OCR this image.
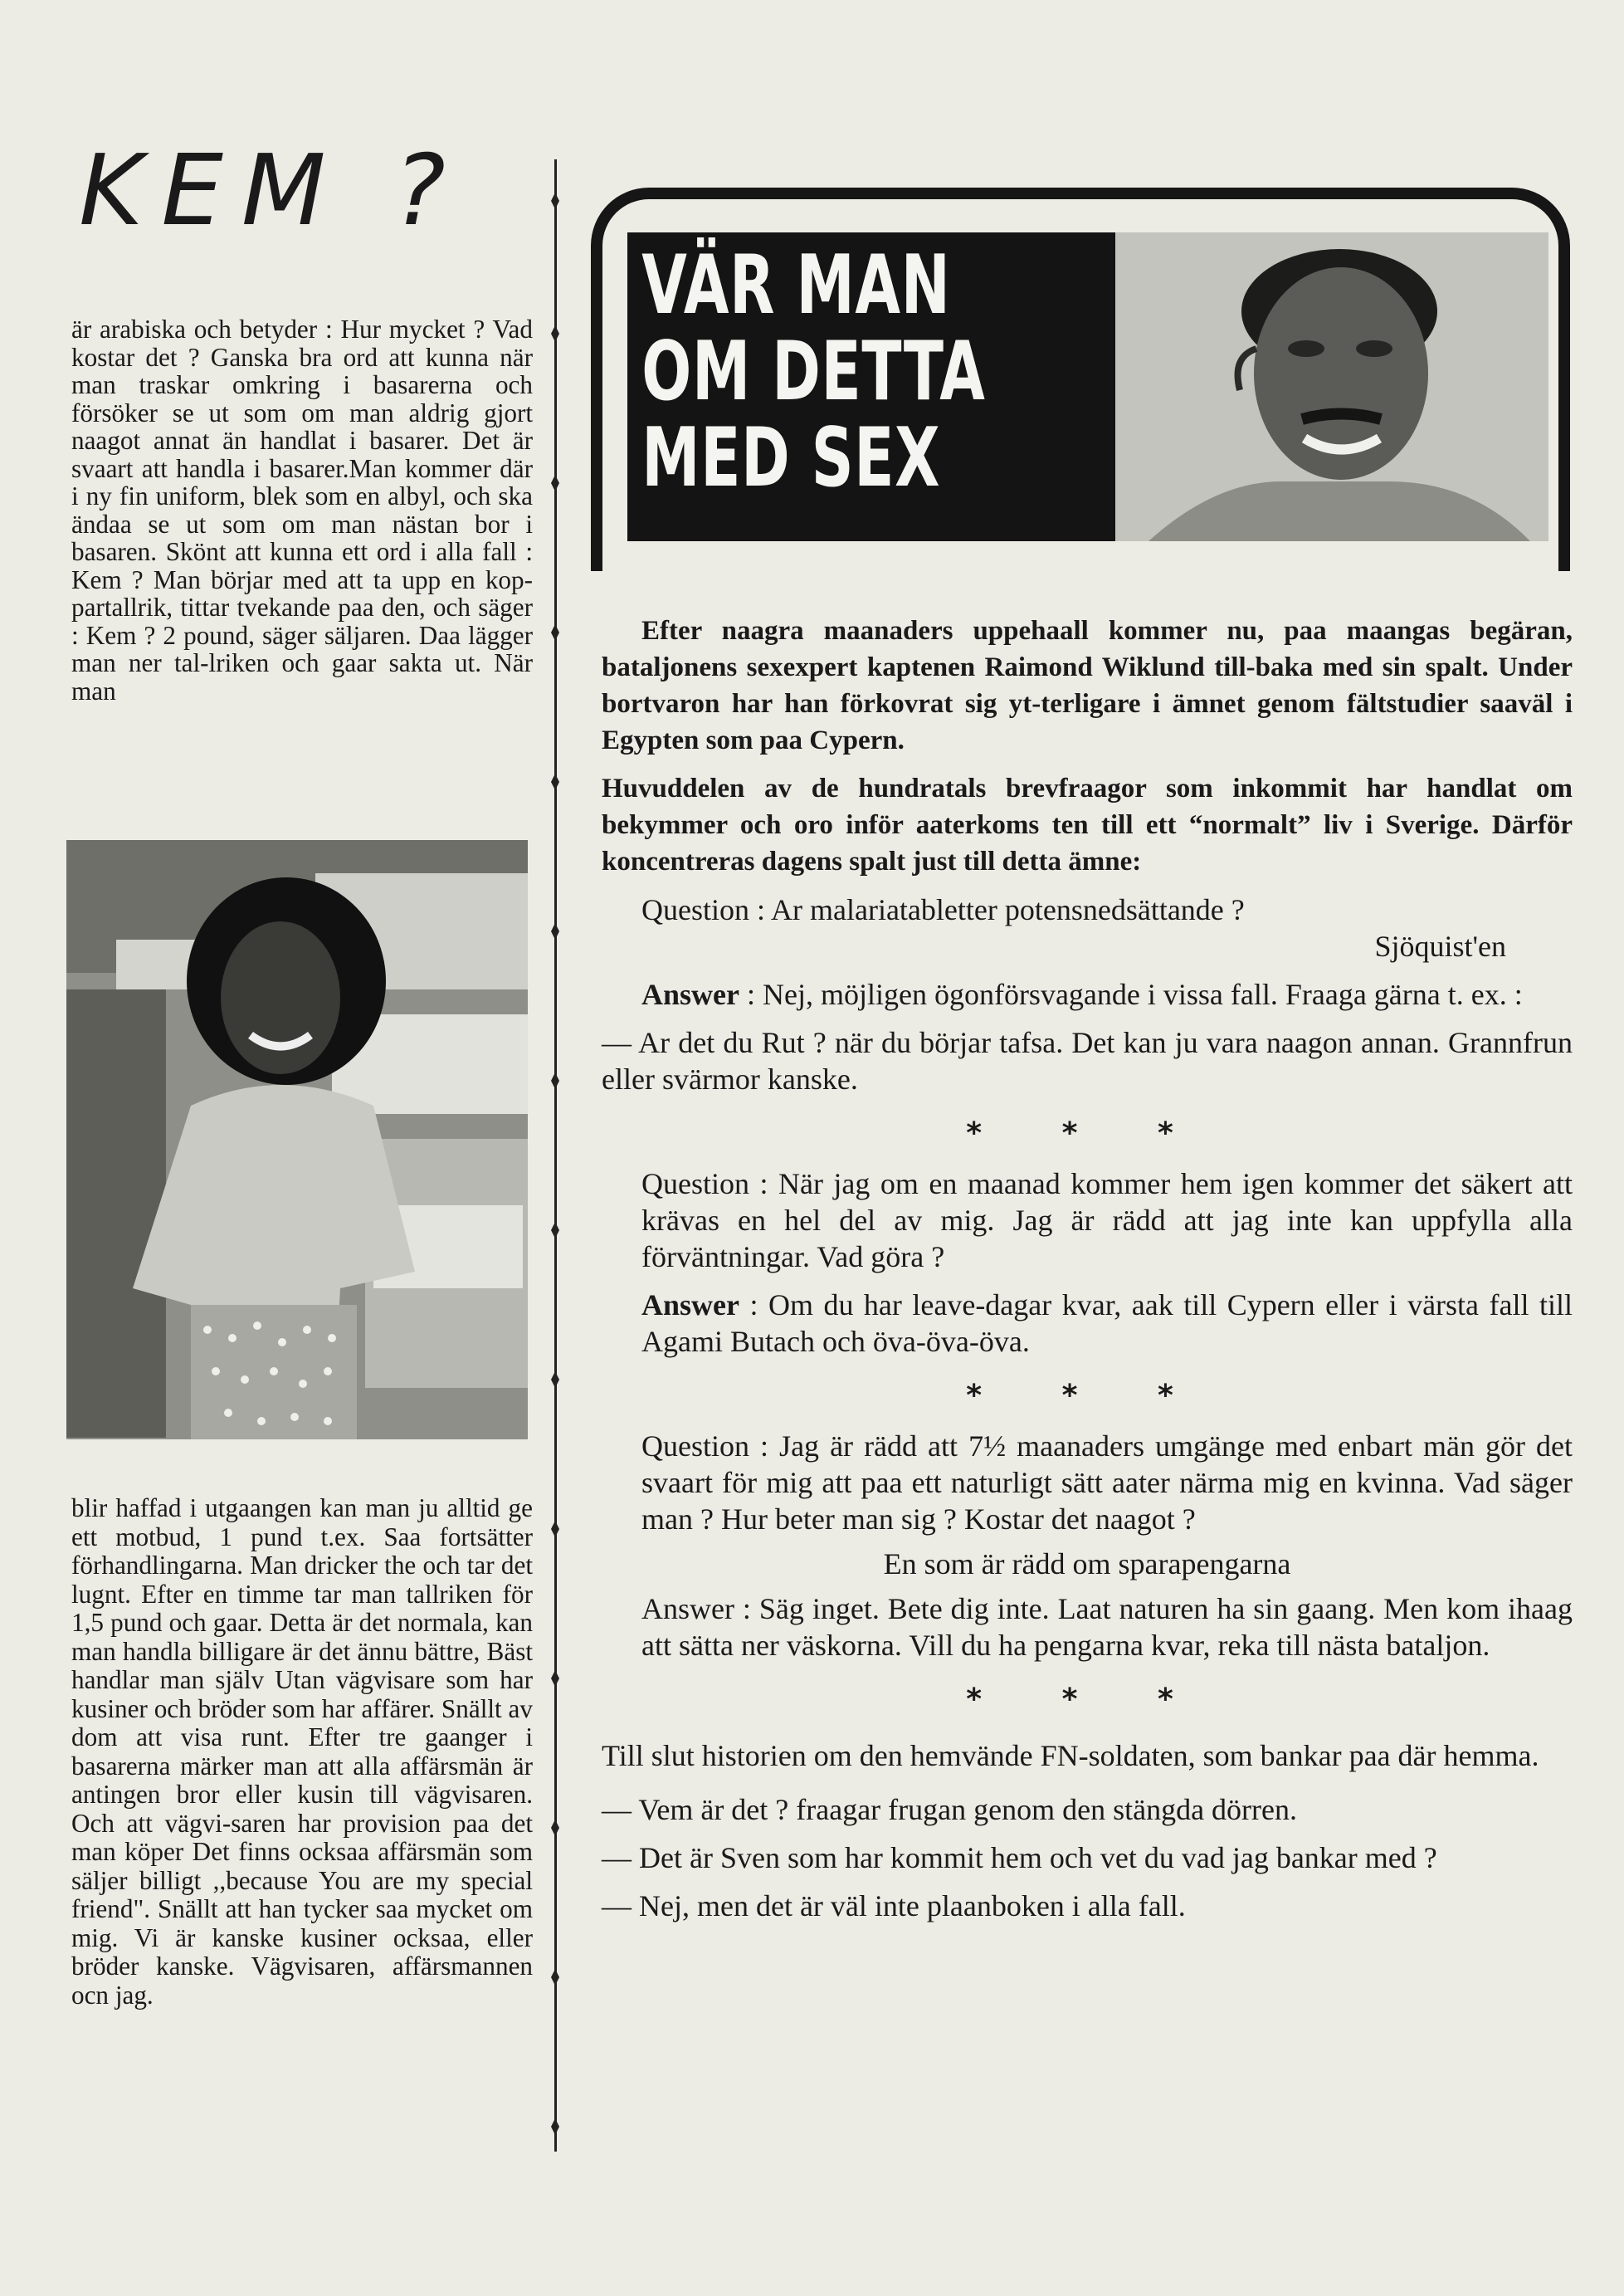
KEM ?

är arabiska och betyder : Hur mycket ? Vad kostar det ? Ganska bra ord att kunna när man traskar omkring i basarerna och försöker se ut som om man aldrig gjort naagot annat än handlat i basarer. Det är svaart att handla i basarer.Man kommer där i ny fin uniform, blek som en albyl, och ska ändaa se ut som om man nästan bor i basaren. Skönt att kunna ett ord i alla fall : Kem ? Man börjar med att ta upp en kop-partallrik, tittar tvekande paa den, och säger : Kem ? 2 pound, säger säljaren. Daa lägger man ner tal-lriken och gaar sakta ut. När man

blir haffad i utgaangen kan man ju alltid ge ett motbud, 1 pund t.ex. Saa fortsätter förhandlingarna. Man dricker the och tar det lugnt. Efter en timme tar man tallriken för 1,5 pund och gaar. Detta är det normala, kan man handla billigare är det ännu bättre, Bäst handlar man själv Utan vägvisare som har kusiner och bröder som har affärer. Snällt av dom att visa runt. Efter tre gaanger i basarerna märker man att alla affärsmän är antingen bror eller kusin till vägvisaren. Och att vägvi-saren har provision paa det man köper Det finns ocksaa affärsmän som säljer billigt ,,because You are my special friend". Snällt att han tycker saa mycket om mig. Vi är kanske kusiner ocksaa, eller bröder kanske. Vägvisaren, affärsmannen ocn jag.

VÄR MAN
OM DETTA
MED SEX

Efter naagra maanaders uppehaall kommer nu, paa maangas begäran, bataljonens sexexpert kaptenen Raimond Wiklund till-baka med sin spalt. Under bortvaron har han förkovrat sig yt-terligare i ämnet genom fältstudier saaväl i Egypten som paa Cypern.

Huvuddelen av de hundratals brevfraagor som inkommit har handlat om bekymmer och oro inför aaterkoms ten till ett “normalt” liv i Sverige. Därför koncentreras dagens spalt just till detta ämne:

Question : Ar malariatabletter potensnedsättande ?

Sjöquist'en

Answer : Nej, möjligen ögonförsvagande i vissa fall. Fraaga gärna t. ex. :

— Ar det du Rut ? när du börjar tafsa. Det kan ju vara naagon annan. Grannfrun eller svärmor kanske.

* * *

Question : När jag om en maanad kommer hem igen kommer det säkert att krävas en hel del av mig. Jag är rädd att jag inte kan uppfylla alla förväntningar. Vad göra ?

Answer : Om du har leave-dagar kvar, aak till Cypern eller i värsta fall till Agami Butach och öva-öva-öva.

* * *

Question : Jag är rädd att 7½ maanaders umgänge med enbart män gör det svaart för mig att paa ett naturligt sätt aater närma mig en kvinna. Vad säger man ? Hur beter man sig ? Kostar det naagot ?

En som är rädd om sparapengarna

Answer : Säg inget. Bete dig inte. Laat naturen ha sin gaang. Men kom ihaag att sätta ner väskorna. Vill du ha pengarna kvar, reka till nästa bataljon.

* * *

Till slut historien om den hemvände FN-soldaten, som bankar paa där hemma.

— Vem är det ? fraagar frugan genom den stängda dörren.

— Det är Sven som har kommit hem och vet du vad jag bankar med ?

— Nej, men det är väl inte plaanboken i alla fall.
